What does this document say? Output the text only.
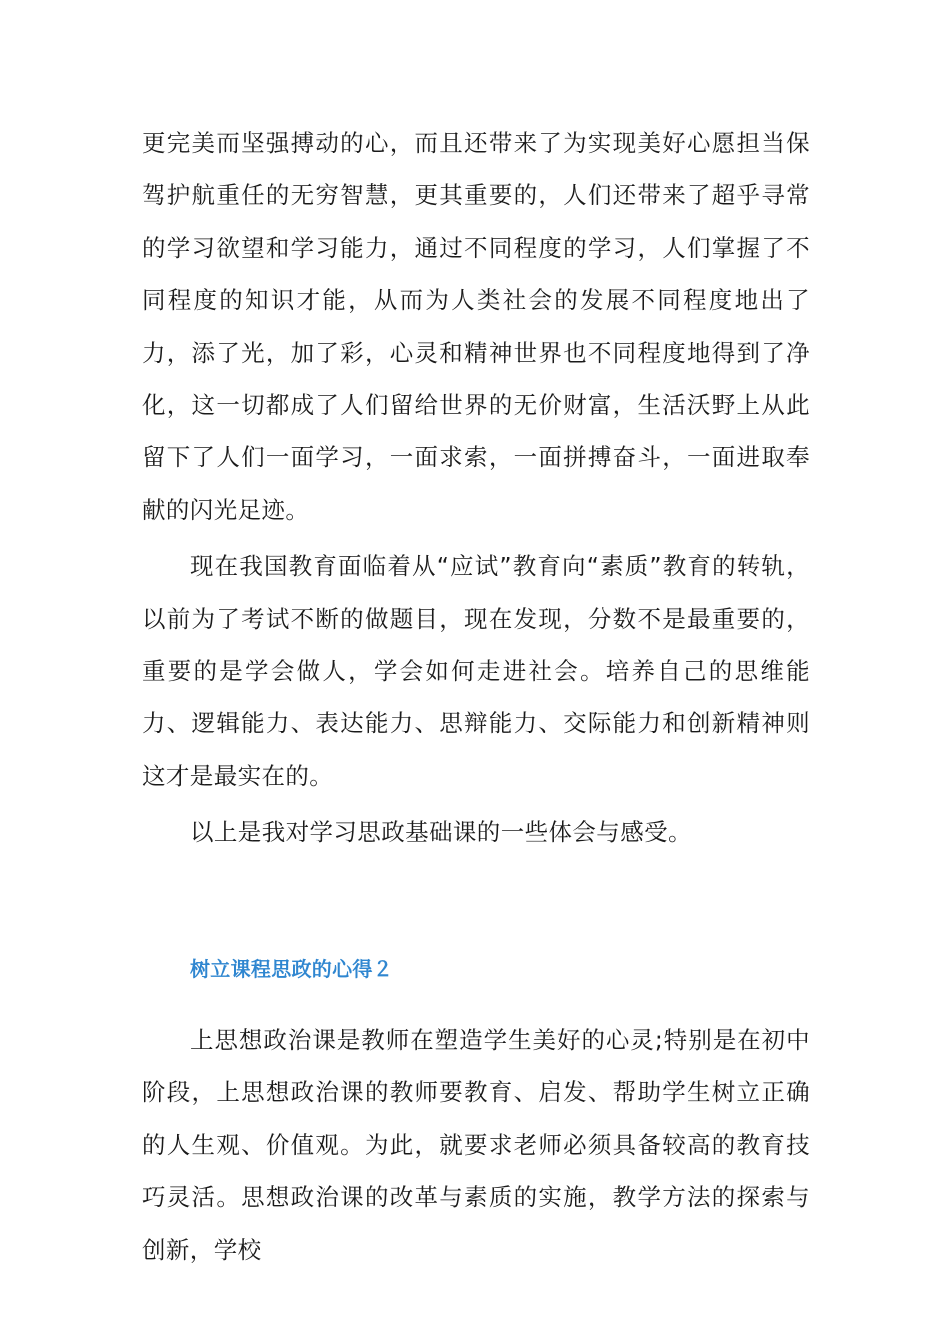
更完美而坚强搏动的心，而且还带来了为实现美好心愿担当保驾护航重任的无穷智慧，更其重要的，人们还带来了超乎寻常的学习欲望和学习能力，通过不同程度的学习，人们掌握了不同程度的知识才能，从而为人类社会的发展不同程度地出了力，添了光，加了彩，心灵和精神世界也不同程度地得到了净化，这一切都成了人们留给世界的无价财富，生活沃野上从此留下了人们一面学习，一面求索，一面拼搏奋斗，一面进取奉献的闪光足迹。

现在我国教育面临着从“应试”教育向“素质”教育的转轨，以前为了考试不断的做题目，现在发现，分数不是最重要的，重要的是学会做人，学会如何走进社会。培养自己的思维能力、逻辑能力、表达能力、思辩能力、交际能力和创新精神则这才是最实在的。

以上是我对学习思政基础课的一些体会与感受。

树立课程思政的心得２

上思想政治课是教师在塑造学生美好的心灵;特别是在初中阶段，上思想政治课的教师要教育、启发、帮助学生树立正确的人生观、价值观。为此，就要求老师必须具备较高的教育技巧灵活。思想政治课的改革与素质的实施，教学方法的探索与创新，学校
